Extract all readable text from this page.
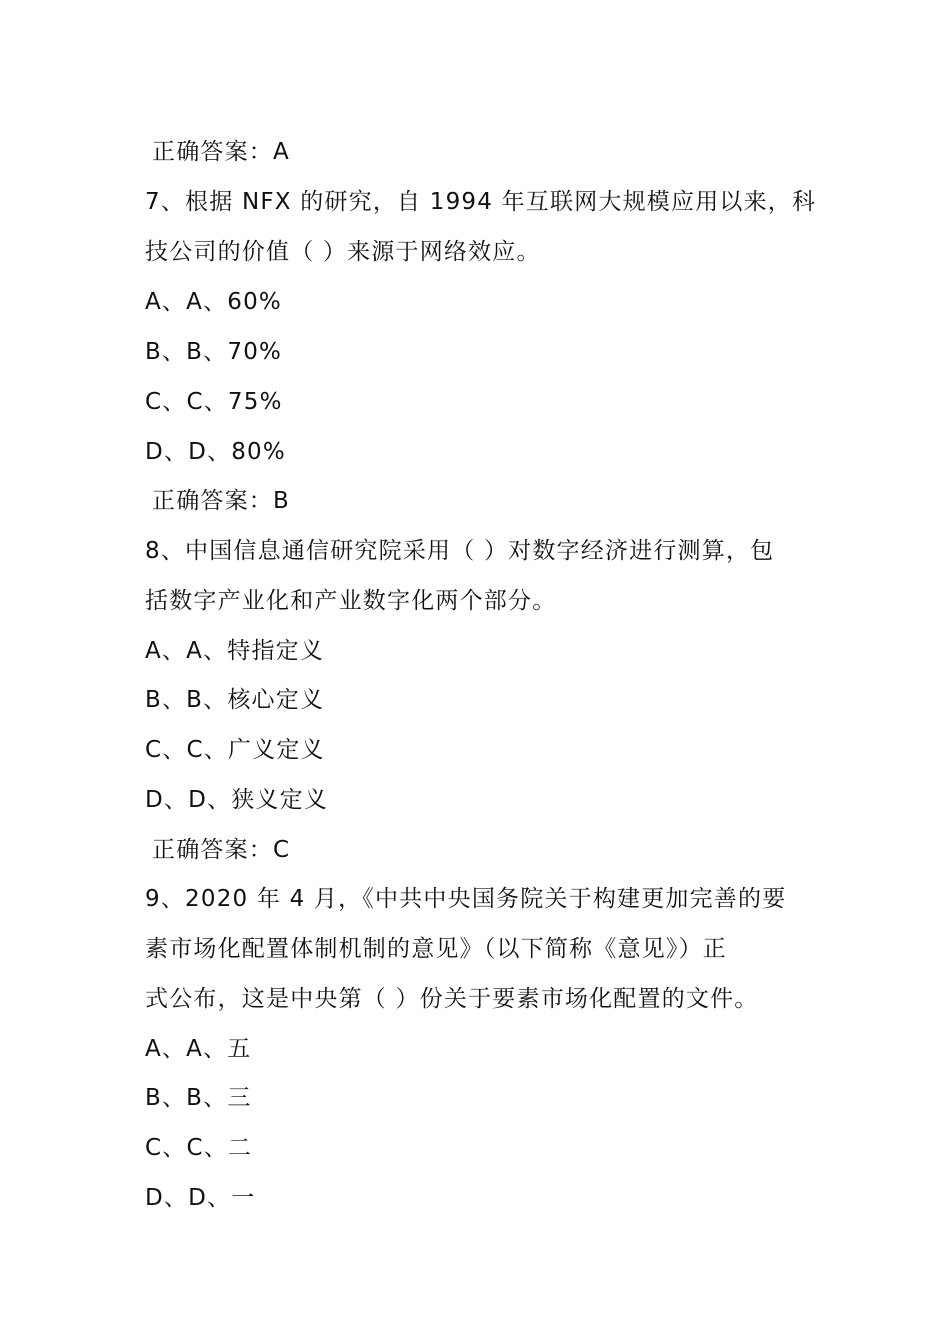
正确答案：A
7、根据 NFX 的研究，自 1994 年互联网大规模应用以来，科
技公司的价值（ ）来源于网络效应。
A、A、60%
B、B、70%
C、C、75%
D、D、80%
正确答案：B
8、中国信息通信研究院采用（ ）对数字经济进行测算，包
括数字产业化和产业数字化两个部分。
A、A、特指定义
B、B、核心定义
C、C、广义定义
D、D、狭义定义
正确答案：C
9、2020 年 4 月，《中共中央国务院关于构建更加完善的要
素市场化配置体制机制的意见》（以下简称《意见》）正
式公布，这是中央第（ ）份关于要素市场化配置的文件。
A、A、五
B、B、三
C、C、二
D、D、一
